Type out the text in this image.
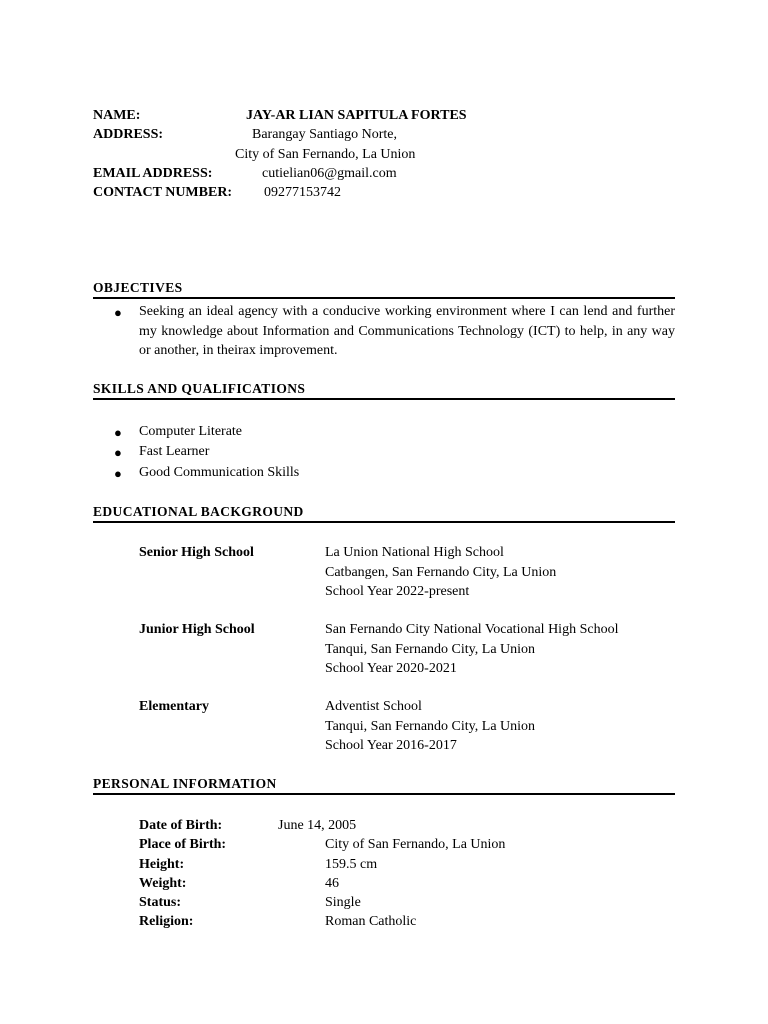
NAME:	JAY-AR LIAN SAPITULA FORTES
ADDRESS:	Barangay Santiago Norte,
City of San Fernando, La Union
EMAIL ADDRESS:	cutielian06@gmail.com
CONTACT NUMBER: 09277153742
OBJECTIVES
● Seeking an ideal agency with a conducive working environment where I can lend and further my knowledge about Information and Communications Technology (ICT) to help, in any way or another, in theirax improvement.
SKILLS AND QUALIFICATIONS
● Computer Literate
● Fast Learner
● Good Communication Skills
EDUCATIONAL BACKGROUND
Senior High School	La Union National High School
Catbangen, San Fernando City, La Union
School Year 2022-present
Junior High School	San Fernando City National Vocational High School
Tanqui, San Fernando City, La Union
School Year 2020-2021
Elementary	Adventist School
Tanqui, San Fernando City, La Union
School Year 2016-2017
PERSONAL INFORMATION
Date of Birth:	June 14, 2005
Place of Birth:	City of San Fernando, La Union
Height:	159.5 cm
Weight:	46
Status:	Single
Religion:	Roman Catholic
